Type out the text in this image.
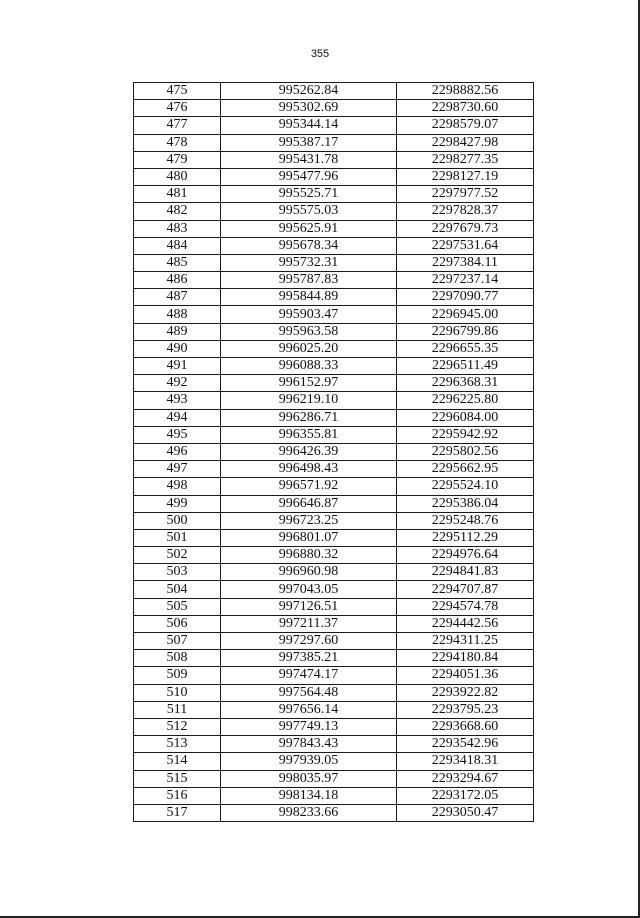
355
475	995262.84	2298882.56
476	995302.69	2298730.60
477	995344.14	2298579.07
478	995387.17	2298427.98
479	995431.78	2298277.35
480	995477.96	2298127.19
481	995525.71	2297977.52
482	995575.03	2297828.37
483	995625.91	2297679.73
484	995678.34	2297531.64
485	995732.31	2297384.11
486	995787.83	2297237.14
487	995844.89	2297090.77
488	995903.47	2296945.00
489	995963.58	2296799.86
490	996025.20	2296655.35
491	996088.33	2296511.49
492	996152.97	2296368.31
493	996219.10	2296225.80
494	996286.71	2296084.00
495	996355.81	2295942.92
496	996426.39	2295802.56
497	996498.43	2295662.95
498	996571.92	2295524.10
499	996646.87	2295386.04
500	996723.25	2295248.76
501	996801.07	2295112.29
502	996880.32	2294976.64
503	996960.98	2294841.83
504	997043.05	2294707.87
505	997126.51	2294574.78
506	997211.37	2294442.56
507	997297.60	2294311.25
508	997385.21	2294180.84
509	997474.17	2294051.36
510	997564.48	2293922.82
511	997656.14	2293795.23
512	997749.13	2293668.60
513	997843.43	2293542.96
514	997939.05	2293418.31
515	998035.97	2293294.67
516	998134.18	2293172.05
517	998233.66	2293050.47
